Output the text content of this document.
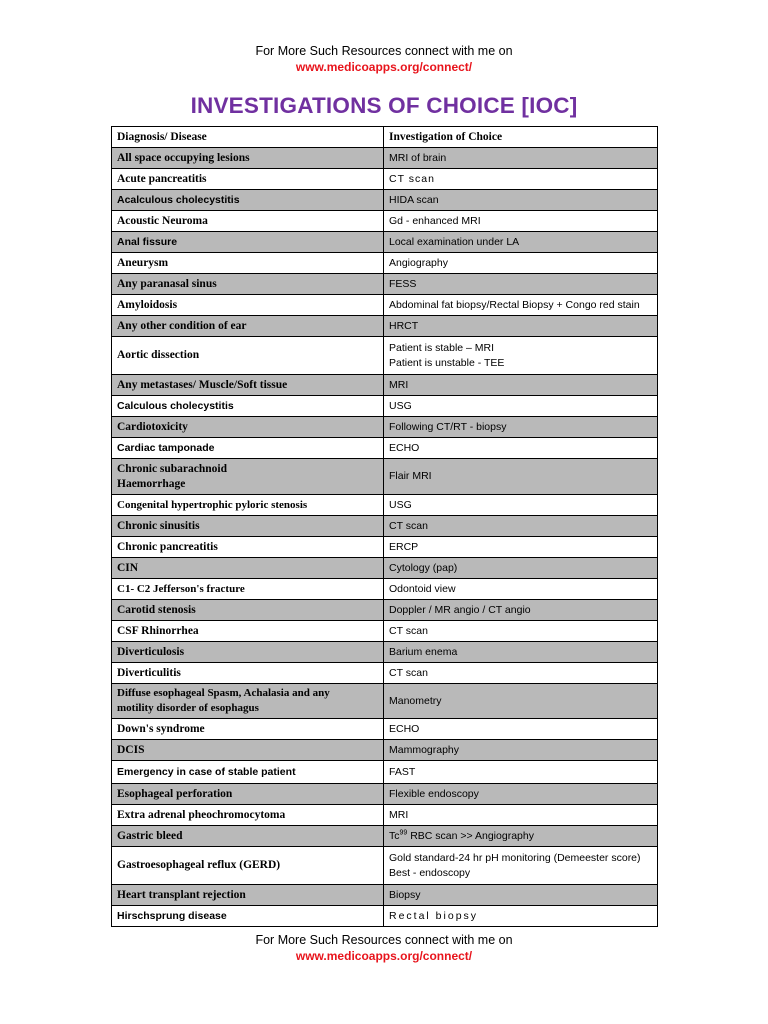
For More Such Resources connect with me on
www.medicoapps.org/connect/
INVESTIGATIONS OF CHOICE [IOC]
Diagnosis/ Disease	Investigation of Choice
All space occupying lesions	MRI of brain
Acute pancreatitis	CT scan
Acalculous cholecystitis	HIDA scan
Acoustic Neuroma	Gd - enhanced MRI
Anal fissure	Local examination under LA
Aneurysm	Angiography
Any paranasal sinus	FESS
Amyloidosis	Abdominal fat biopsy/Rectal Biopsy + Congo red stain
Any other condition of ear	HRCT
Aortic dissection	Patient is stable – MRI
Patient is unstable - TEE

Any metastases/ Muscle/Soft tissue	MRI
Calculous cholecystitis	USG
Cardiotoxicity	Following CT/RT - biopsy
Cardiac tamponade	ECHO

Chronic subarachnoid
Haemorrhage	Flair MRI
Congenital hypertrophic pyloric stenosis	USG
Chronic sinusitis	CT scan
Chronic pancreatitis	ERCP
CIN	Cytology (pap)
C1- C2 Jefferson's fracture	Odontoid view
Carotid stenosis	Doppler / MR angio / CT angio
CSF Rhinorrhea	CT scan
Diverticulosis	Barium enema
Diverticulitis	CT scan

Diffuse esophageal Spasm, Achalasia and any
motility disorder of esophagus	Manometry
Down's syndrome	ECHO
DCIS	Mammography
Emergency in case of stable patient	FAST
Esophageal perforation	Flexible endoscopy
Extra adrenal pheochromocytoma	MRI
Gastric bleed	Tc$^{99}$ RBC scan >> Angiography
Gastroesophageal reflux (GERD)	Gold standard-24 hr pH monitoring (Demeester score)
Best - endoscopy

Heart transplant rejection	Biopsy
Hirschsprung disease	Rectal biopsy
For More Such Resources connect with me on
www.medicoapps.org/connect/
